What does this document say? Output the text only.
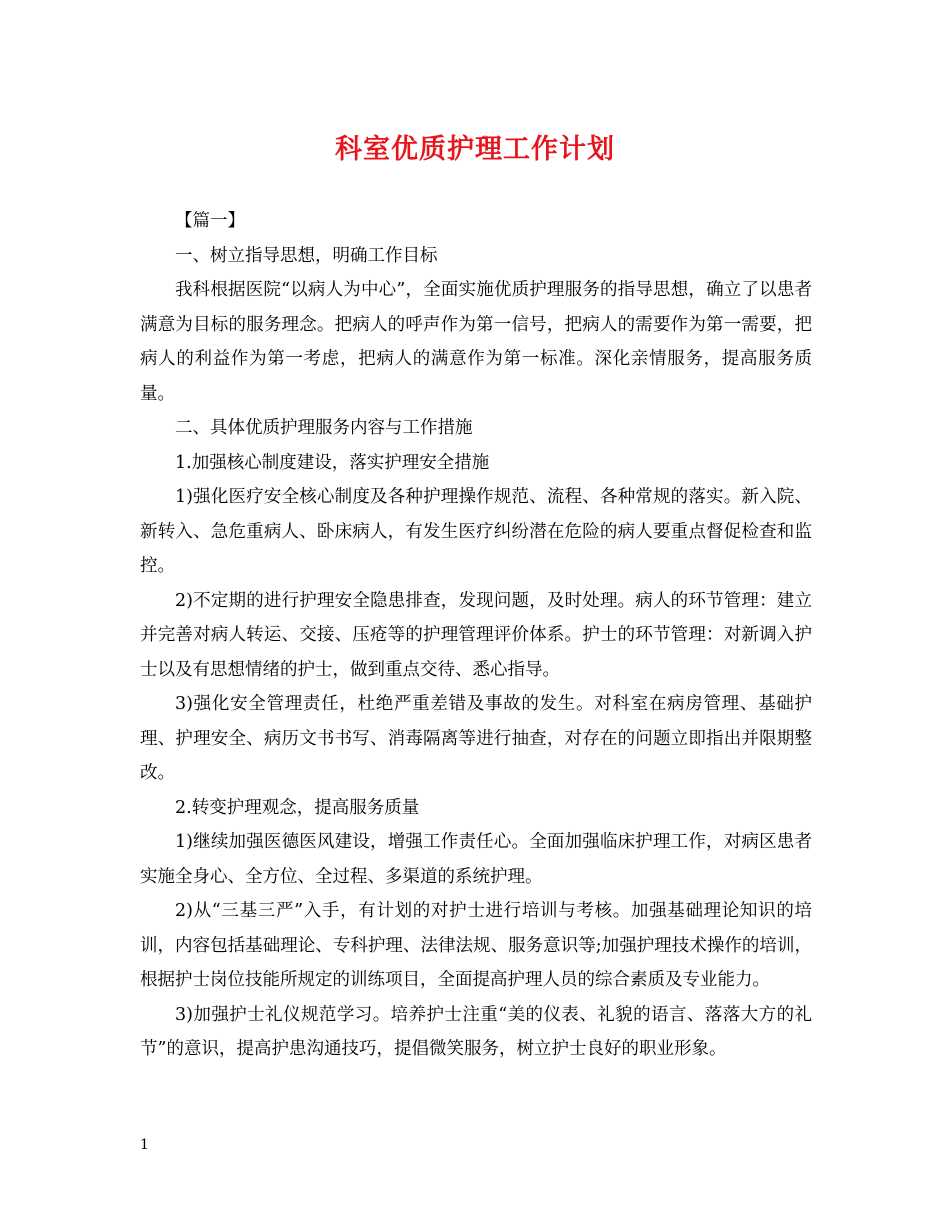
科室优质护理工作计划

【篇一】

一、树立指导思想，明确工作目标

我科根据医院“以病人为中心”，全面实施优质护理服务的指导思想，确立了以患者满意为目标的服务理念。把病人的呼声作为第一信号，把病人的需要作为第一需要，把病人的利益作为第一考虑，把病人的满意作为第一标准。深化亲情服务，提高服务质量。

二、具体优质护理服务内容与工作措施

1.加强核心制度建设，落实护理安全措施

1)强化医疗安全核心制度及各种护理操作规范、流程、各种常规的落实。新入院、新转入、急危重病人、卧床病人，有发生医疗纠纷潜在危险的病人要重点督促检查和监控。

2)不定期的进行护理安全隐患排查，发现问题，及时处理。病人的环节管理：建立并完善对病人转运、交接、压疮等的护理管理评价体系。护士的环节管理：对新调入护士以及有思想情绪的护士，做到重点交待、悉心指导。

3)强化安全管理责任，杜绝严重差错及事故的发生。对科室在病房管理、基础护理、护理安全、病历文书书写、消毒隔离等进行抽查，对存在的问题立即指出并限期整改。

2.转变护理观念，提高服务质量

1)继续加强医德医风建设，增强工作责任心。全面加强临床护理工作，对病区患者实施全身心、全方位、全过程、多渠道的系统护理。

2)从“三基三严”入手，有计划的对护士进行培训与考核。加强基础理论知识的培训，内容包括基础理论、专科护理、法律法规、服务意识等;加强护理技术操作的培训，根据护士岗位技能所规定的训练项目，全面提高护理人员的综合素质及专业能力。

3)加强护士礼仪规范学习。培养护士注重“美的仪表、礼貌的语言、落落大方的礼节”的意识，提高护患沟通技巧，提倡微笑服务，树立护士良好的职业形象。

1
